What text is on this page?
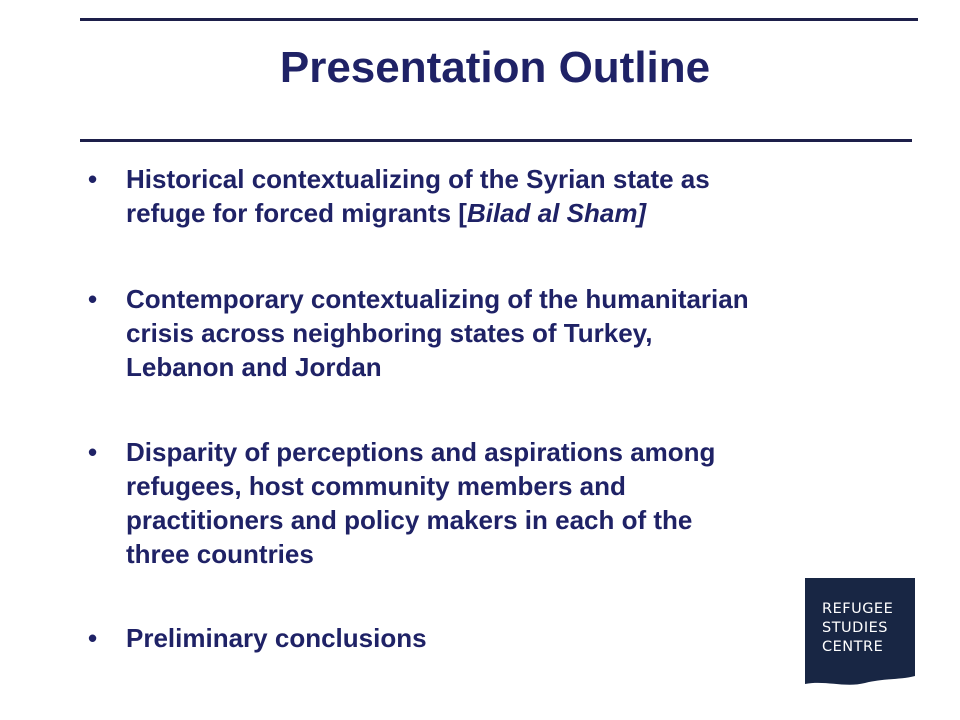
Presentation Outline
•	Historical contextualizing of the Syrian state as
refuge for forced migrants [Bilad al Sham]
•	Contemporary contextualizing of the humanitarian
crisis across neighboring states of Turkey,
Lebanon and Jordan
•	Disparity of perceptions and aspirations among
refugees, host community members and
practitioners and policy makers in each of the
three countries
•	Preliminary conclusions
REFUGEE
STUDIES
CENTRE
